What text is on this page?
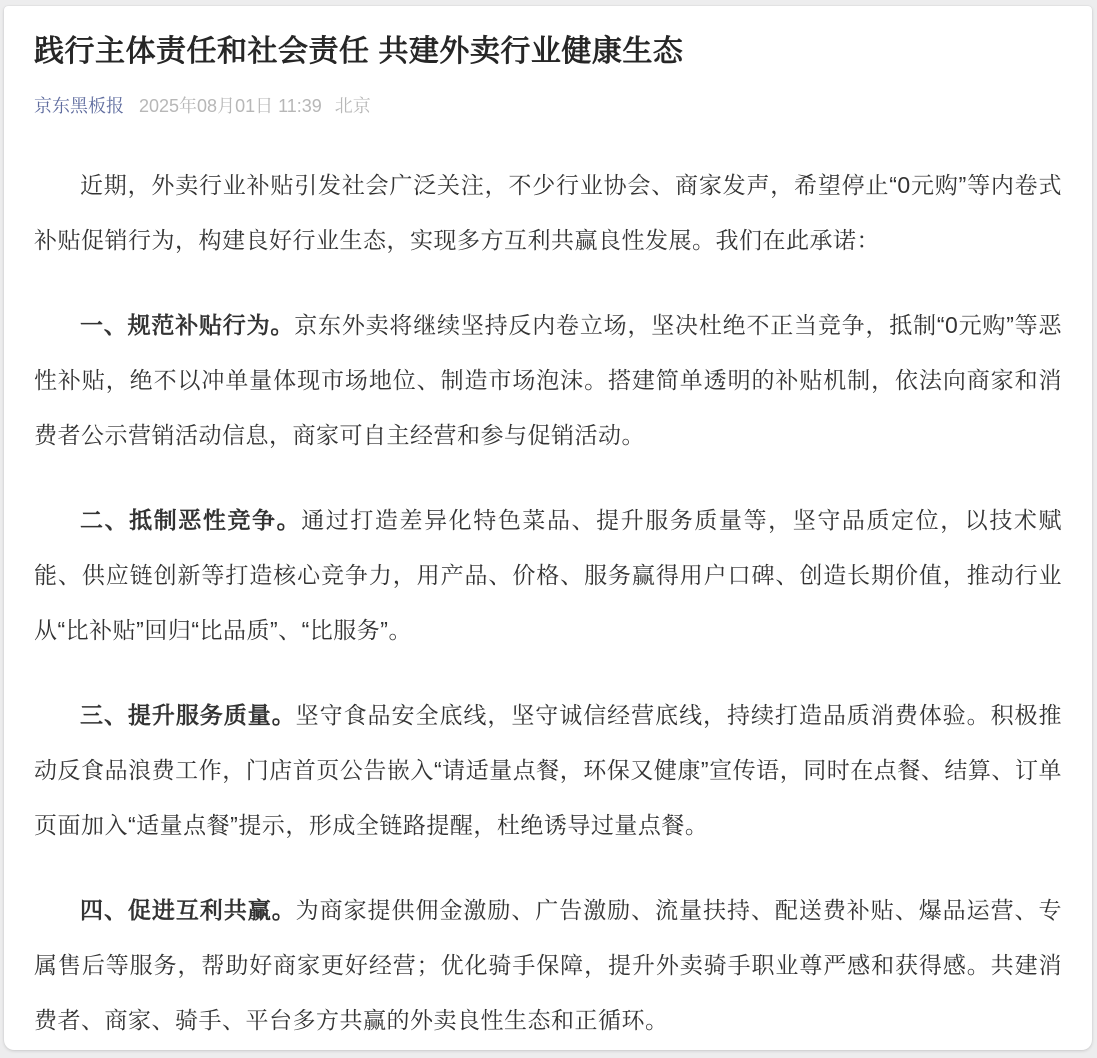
践行主体责任和社会责任 共建外卖行业健康生态
京东黑板报 2025年08月01日 11:39 北京

近期，外卖行业补贴引发社会广泛关注，不少行业协会、商家发声，希望停止“0元购”等内卷式补贴促销行为，构建良好行业生态，实现多方互利共赢良性发展。我们在此承诺：

一、规范补贴行为。京东外卖将继续坚持反内卷立场，坚决杜绝不正当竞争，抵制“0元购”等恶性补贴，绝不以冲单量体现市场地位、制造市场泡沫。搭建简单透明的补贴机制，依法向商家和消费者公示营销活动信息，商家可自主经营和参与促销活动。

二、抵制恶性竞争。通过打造差异化特色菜品、提升服务质量等，坚守品质定位，以技术赋能、供应链创新等打造核心竞争力，用产品、价格、服务赢得用户口碑、创造长期价值，推动行业从“比补贴”回归“比品质”、“比服务”。

三、提升服务质量。坚守食品安全底线，坚守诚信经营底线，持续打造品质消费体验。积极推动反食品浪费工作，门店首页公告嵌入“请适量点餐，环保又健康”宣传语，同时在点餐、结算、订单页面加入“适量点餐”提示，形成全链路提醒，杜绝诱导过量点餐。

四、促进互利共赢。为商家提供佣金激励、广告激励、流量扶持、配送费补贴、爆品运营、专属售后等服务，帮助好商家更好经营；优化骑手保障，提升外卖骑手职业尊严感和获得感。共建消费者、商家、骑手、平台多方共赢的外卖良性生态和正循环。
